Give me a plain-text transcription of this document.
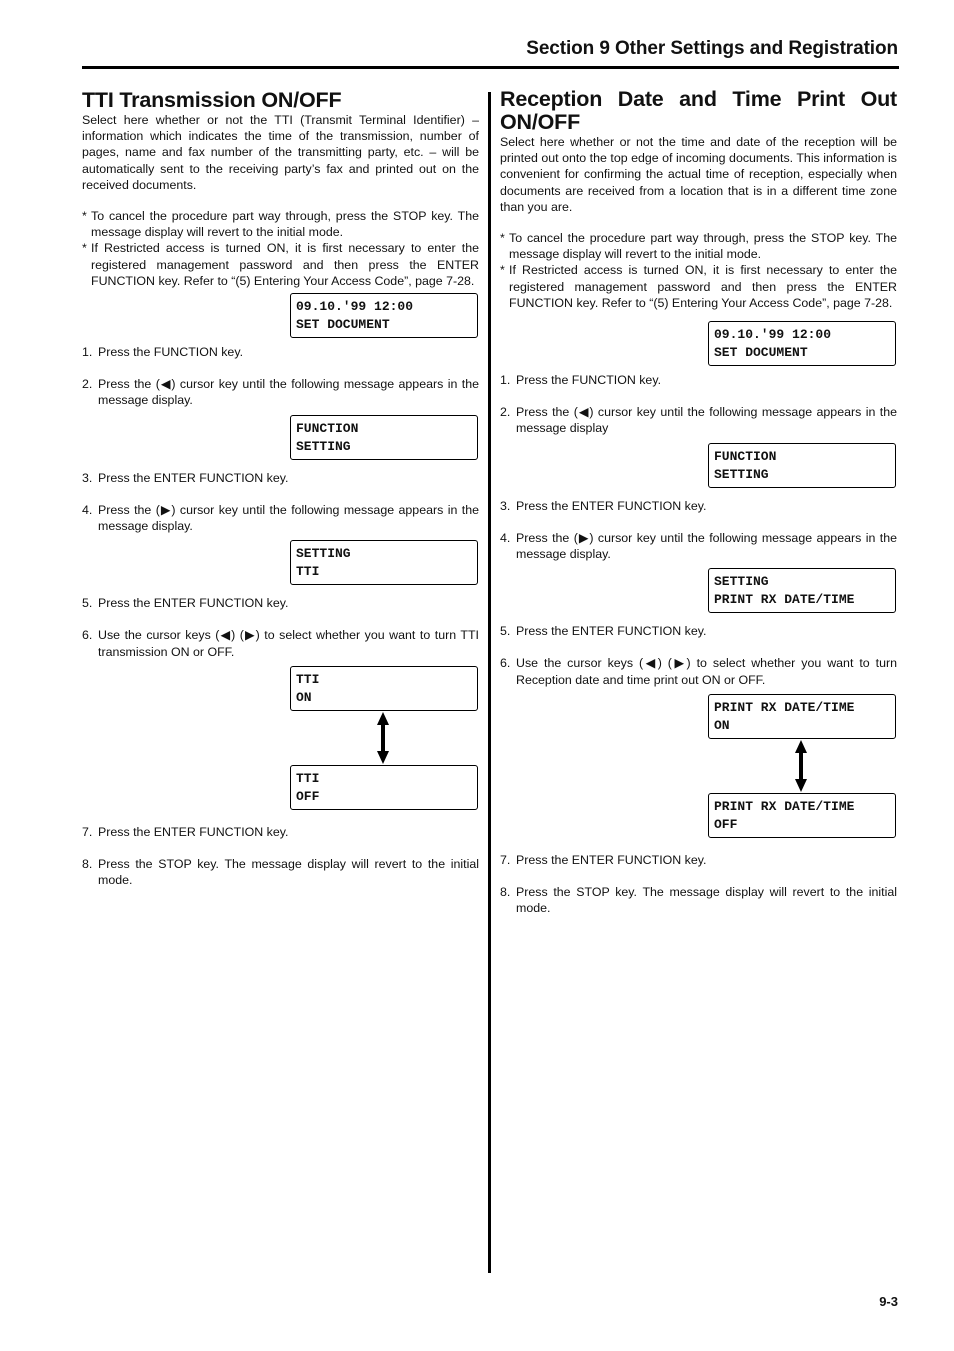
Section 9 Other Settings and Registration
TTI Transmission ON/OFF

Select here whether or not the TTI (Transmit Terminal Identifier) – information which indicates the time of the transmission, number of pages, name and fax number of the transmitting party, etc. – will be automatically sent to the receiving party’s fax and printed out on the received documents.

* To cancel the procedure part way through, press the STOP key. The message display will revert to the initial mode.
* If Restricted access is turned ON, it is first necessary to enter the registered management password and then press the ENTER FUNCTION key. Refer to “(5) Entering Your Access Code”, page 7-28.
09.10.'99 12:00
SET DOCUMENT
1. Press the FUNCTION key.
2. Press the (◀) cursor key until the following message appears in the message display.
FUNCTION
SETTING
3. Press the ENTER FUNCTION key.
4. Press the (▶) cursor key until the following message appears in the message display.
SETTING
TTI
5. Press the ENTER FUNCTION key.
6. Use the cursor keys (◀) (▶) to select whether you want to turn TTI transmission ON or OFF.
TTI
ON
TTI
OFF
7. Press the ENTER FUNCTION key.
8. Press the STOP key. The message display will revert to the initial mode.
Reception Date and Time Print Out ON/OFF

Select here whether or not the time and date of the reception will be printed out onto the top edge of incoming documents. This information is convenient for confirming the actual time of reception, especially when documents are received from a location that is in a different time zone than you are.

* To cancel the procedure part way through, press the STOP key. The message display will revert to the initial mode.
* If Restricted access is turned ON, it is first necessary to enter the registered management password and then press the ENTER FUNCTION key. Refer to “(5) Entering Your Access Code”, page 7-28.
09.10.'99 12:00
SET DOCUMENT
1. Press the FUNCTION key.
2. Press the (◀) cursor key until the following message appears in the message display
FUNCTION
SETTING
3. Press the ENTER FUNCTION key.
4. Press the (▶) cursor key until the following message appears in the message display.
SETTING
PRINT RX DATE/TIME
5. Press the ENTER FUNCTION key.
6. Use the cursor keys (◀) (▶) to select whether you want to turn Reception date and time print out ON or OFF.
PRINT RX DATE/TIME
ON
PRINT RX DATE/TIME
OFF
7. Press the ENTER FUNCTION key.
8. Press the STOP key. The message display will revert to the initial mode.
9-3
